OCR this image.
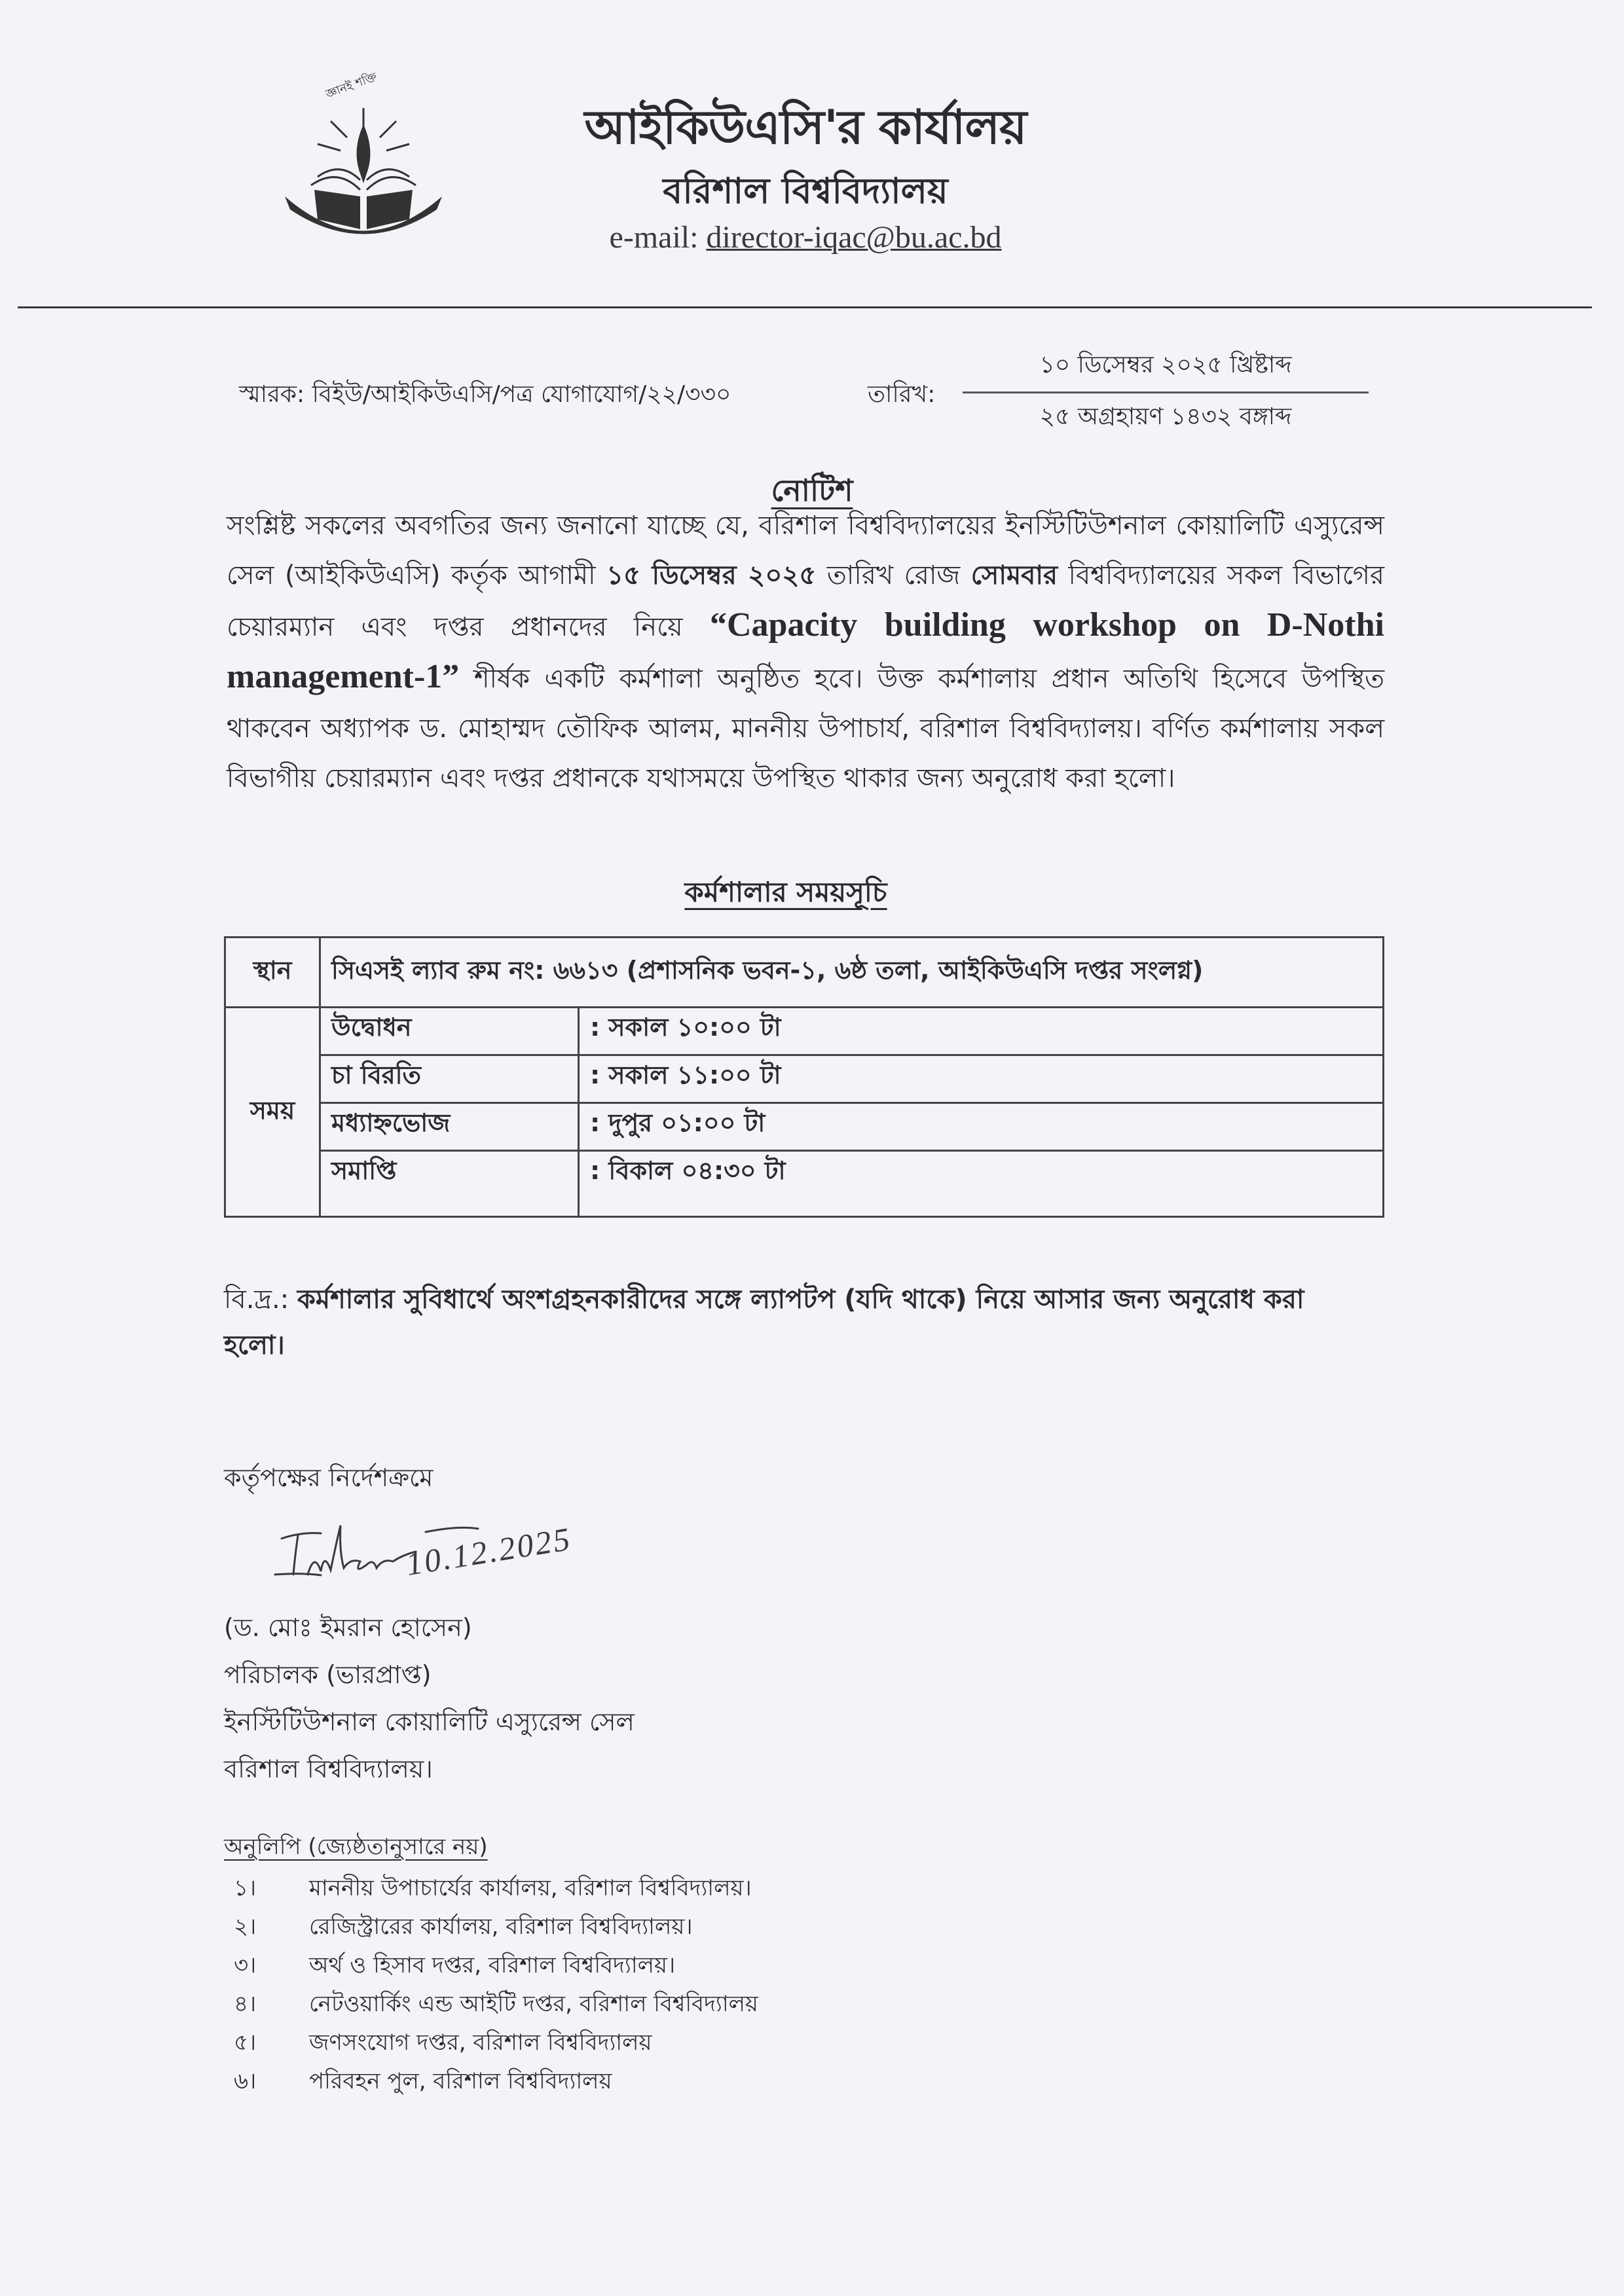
জ্ঞানই শক্তি
আইকিউএসি'র কার্যালয়
বরিশাল বিশ্ববিদ্যালয়
e-mail: director-iqac@bu.ac.bd
স্মারক: বিইউ/আইকিউএসি/পত্র যোগাযোগ/২২/৩৩০	তারিখ:
১০ ডিসেম্বর ২০২৫ খ্রিষ্টাব্দ
২৫ অগ্রহায়ণ ১৪৩২ বঙ্গাব্দ
নোটিশ
সংশ্লিষ্ট সকলের অবগতির জন্য জনানো যাচ্ছে যে, বরিশাল বিশ্ববিদ্যালয়ের ইনস্টিটিউশনাল কোয়ালিটি এস্যুরেন্স সেল (আইকিউএসি) কর্তৃক আগামী ১৫ ডিসেম্বর ২০২৫ তারিখ রোজ সোমবার বিশ্ববিদ্যালয়ের সকল বিভাগের চেয়ারম্যান এবং দপ্তর প্রধানদের নিয়ে “Capacity building workshop on D-Nothi management-1” শীর্ষক একটি কর্মশালা অনুষ্ঠিত হবে। উক্ত কর্মশালায় প্রধান অতিথি হিসেবে উপস্থিত থাকবেন অধ্যাপক ড. মোহাম্মদ তৌফিক আলম, মাননীয় উপাচার্য, বরিশাল বিশ্ববিদ্যালয়। বর্ণিত কর্মশালায় সকল বিভাগীয় চেয়ারম্যান এবং দপ্তর প্রধানকে যথাসময়ে উপস্থিত থাকার জন্য অনুরোধ করা হলো।
কর্মশালার সময়সূচি
স্থান	সিএসই ল্যাব রুম নং: ৬৬১৩ (প্রশাসনিক ভবন-১, ৬ষ্ঠ তলা, আইকিউএসি দপ্তর সংলগ্ন)	
সময়	উদ্বোধন	: সকাল ১০:০০ টা
	চা বিরতি	: সকাল ১১:০০ টা
	মধ্যাহ্নভোজ	: দুপুর ০১:০০ টা
	সমাপ্তি	: বিকাল ০৪:৩০ টা
বি.দ্র.: কর্মশালার সুবিধার্থে অংশগ্রহনকারীদের সঙ্গে ল্যাপটপ (যদি থাকে) নিয়ে আসার জন্য অনুরোধ করা হলো।
কর্তৃপক্ষের নির্দেশক্রমে
10.12.2025
(ড. মোঃ ইমরান হোসেন)
পরিচালক (ভারপ্রাপ্ত)
ইনস্টিটিউশনাল কোয়ালিটি এস্যুরেন্স সেল
বরিশাল বিশ্ববিদ্যালয়।
অনুলিপি (জ্যেষ্ঠতানুসারে নয়)
১। মাননীয় উপাচার্যের কার্যালয়, বরিশাল বিশ্ববিদ্যালয়।
২। রেজিস্ট্রারের কার্যালয়, বরিশাল বিশ্ববিদ্যালয়।
৩। অর্থ ও হিসাব দপ্তর, বরিশাল বিশ্ববিদ্যালয়।
৪। নেটওয়ার্কিং এন্ড আইটি দপ্তর, বরিশাল বিশ্ববিদ্যালয়
৫। জণসংযোগ দপ্তর, বরিশাল বিশ্ববিদ্যালয়
৬। পরিবহন পুল, বরিশাল বিশ্ববিদ্যালয়
